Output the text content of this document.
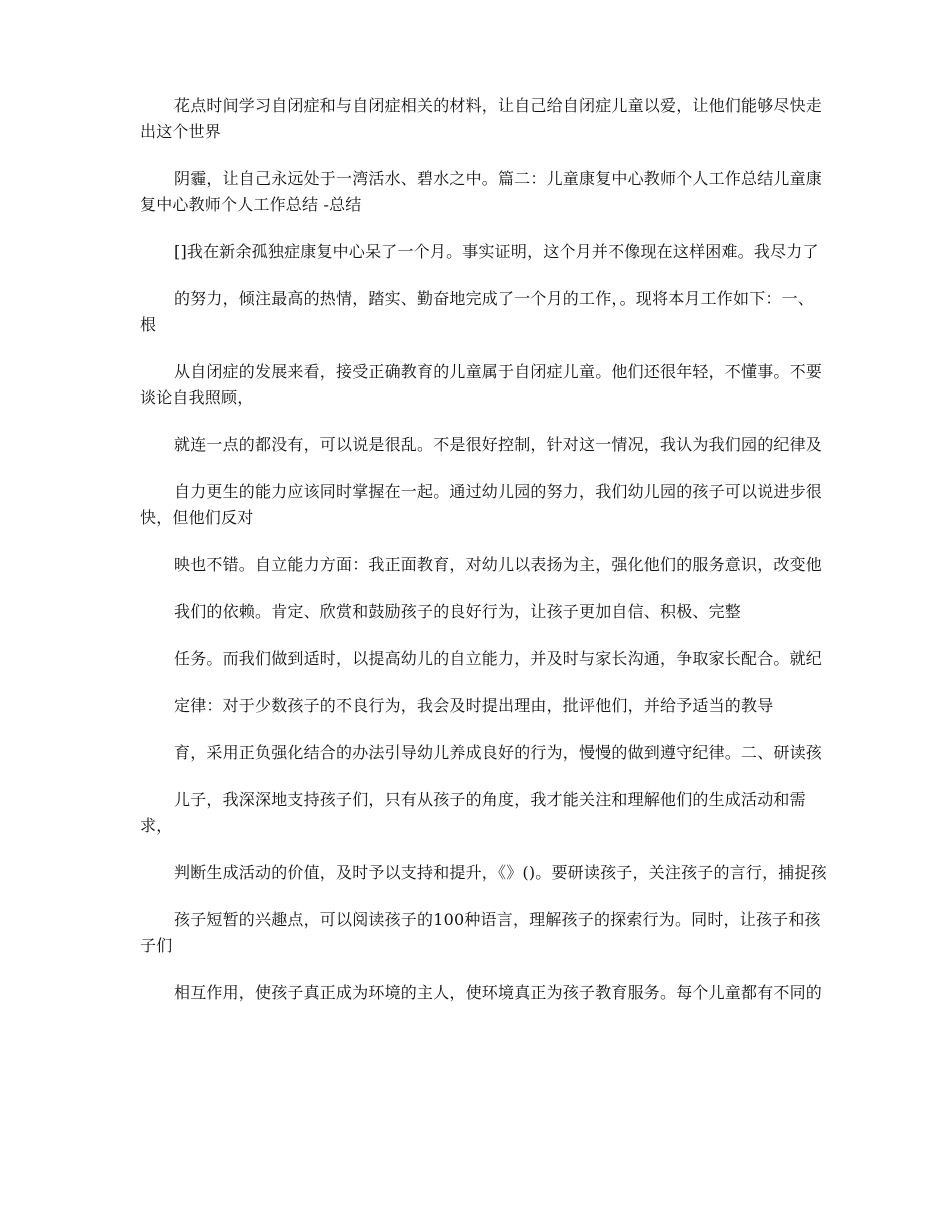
花点时间学习自闭症和与自闭症相关的材料，让自己给自闭症儿童以爱，让他们能够尽快走出这个世界

阴霾，让自己永远处于一湾活水、碧水之中。篇二：儿童康复中心教师个人工作总结儿童康复中心教师个人工作总结 -总结

[]我在新余孤独症康复中心呆了一个月。事实证明，这个月并不像现在这样困难。我尽力了

的努力，倾注最高的热情，踏实、勤奋地完成了一个月的工作，。现将本月工作如下：一、根

从自闭症的发展来看，接受正确教育的儿童属于自闭症儿童。他们还很年轻，不懂事。不要谈论自我照顾，

就连一点的都没有，可以说是很乱。不是很好控制，针对这一情况，我认为我们园的纪律及

自力更生的能力应该同时掌握在一起。通过幼儿园的努力，我们幼儿园的孩子可以说进步很快，但他们反对

映也不错。自立能力方面：我正面教育，对幼儿以表扬为主，强化他们的服务意识，改变他

我们的依赖。肯定、欣赏和鼓励孩子的良好行为，让孩子更加自信、积极、完整

任务。而我们做到适时，以提高幼儿的自立能力，并及时与家长沟通，争取家长配合。就纪

定律：对于少数孩子的不良行为，我会及时提出理由，批评他们，并给予适当的教导

育，采用正负强化结合的办法引导幼儿养成良好的行为，慢慢的做到遵守纪律。二、研读孩

儿子，我深深地支持孩子们，只有从孩子的角度，我才能关注和理解他们的生成活动和需求，

判断生成活动的价值，及时予以支持和提升，《》()。要研读孩子，关注孩子的言行，捕捉孩

孩子短暂的兴趣点，可以阅读孩子的100种语言，理解孩子的探索行为。同时，让孩子和孩子们

相互作用，使孩子真正成为环境的主人，使环境真正为孩子教育服务。每个儿童都有不同的
